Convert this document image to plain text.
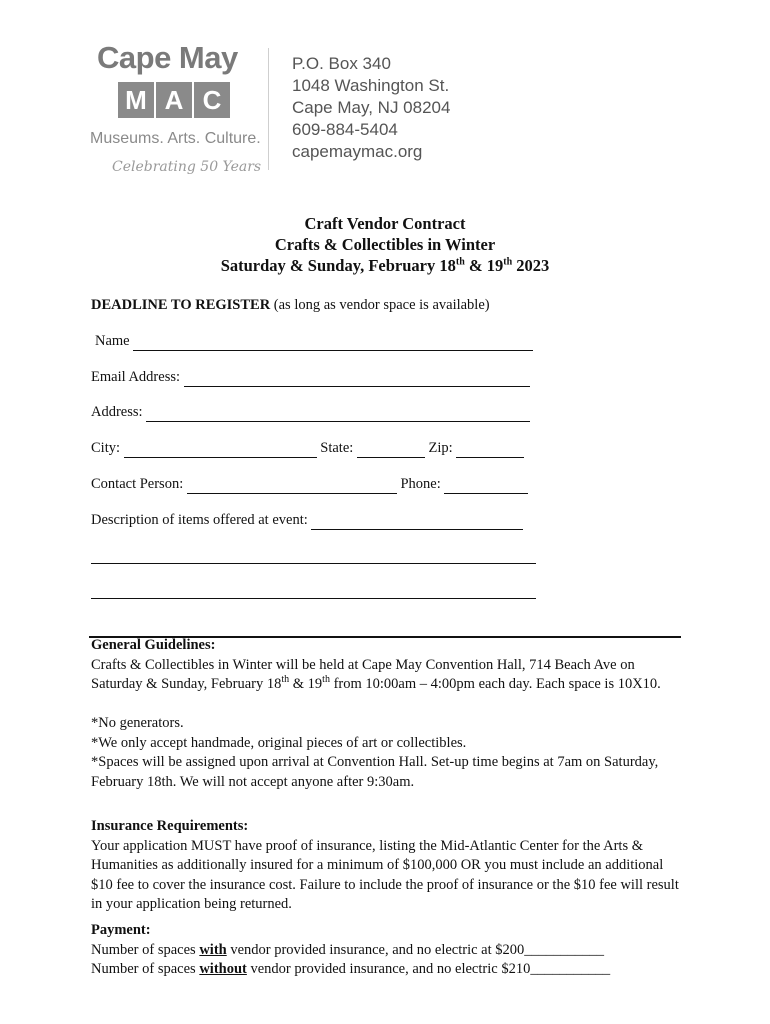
Cape May
M A C
Museums. Arts. Culture.
Celebrating 50 Years
P.O. Box 340
1048 Washington St.
Cape May, NJ 08204
609-884-5404
capemaymac.org
Craft Vendor Contract
Crafts & Collectibles in Winter
Saturday & Sunday, February 18th & 19th 2023
DEADLINE TO REGISTER (as long as vendor space is available)
Name
Email Address:
Address:
City:	State:	Zip:
Contact Person:	Phone:
Description of items offered at event:
General Guidelines:
Crafts & Collectibles in Winter will be held at Cape May Convention Hall, 714 Beach Ave on Saturday & Sunday, February 18th & 19th from 10:00am – 4:00pm each day. Each space is 10X10.
*No generators.
*We only accept handmade, original pieces of art or collectibles.
*Spaces will be assigned upon arrival at Convention Hall. Set-up time begins at 7am on Saturday, February 18th. We will not accept anyone after 9:30am.
Insurance Requirements:
Your application MUST have proof of insurance, listing the Mid-Atlantic Center for the Arts & Humanities as additionally insured for a minimum of $100,000 OR you must include an additional $10 fee to cover the insurance cost. Failure to include the proof of insurance or the $10 fee will result in your application being returned.
Payment:
Number of spaces with vendor provided insurance, and no electric at $200___________
Number of spaces without vendor provided insurance, and no electric $210___________
